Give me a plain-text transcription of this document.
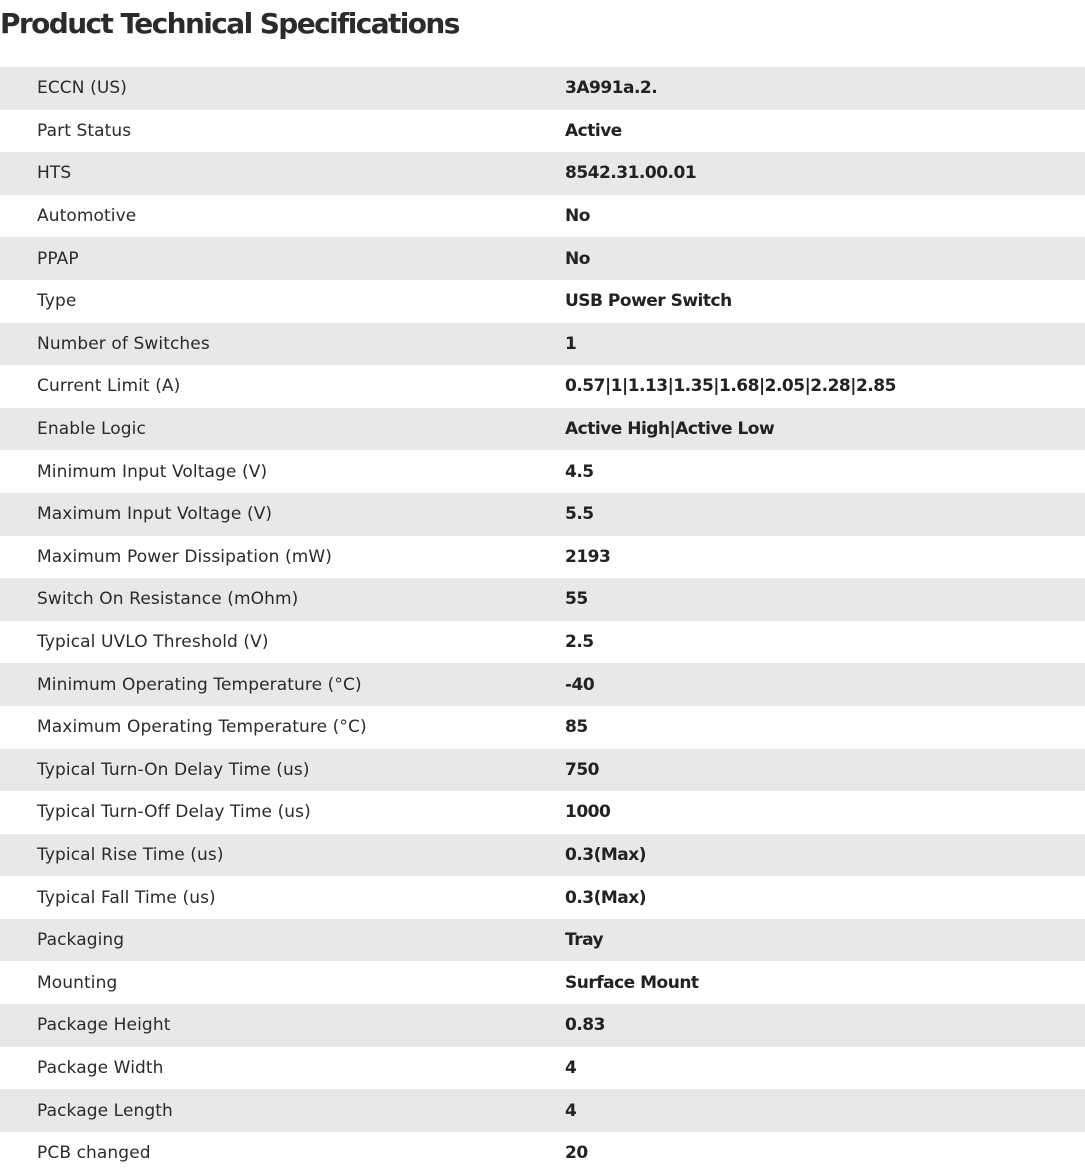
Product Technical Specifications
ECCN (US)	3A991a.2.
Part Status	Active
HTS	8542.31.00.01
Automotive	No
PPAP	No
Type	USB Power Switch
Number of Switches	1
Current Limit (A)	0.57|1|1.13|1.35|1.68|2.05|2.28|2.85
Enable Logic	Active High|Active Low
Minimum Input Voltage (V)	4.5
Maximum Input Voltage (V)	5.5
Maximum Power Dissipation (mW)	2193
Switch On Resistance (mOhm)	55
Typical UVLO Threshold (V)	2.5
Minimum Operating Temperature (°C)	-40
Maximum Operating Temperature (°C)	85
Typical Turn-On Delay Time (us)	750
Typical Turn-Off Delay Time (us)	1000
Typical Rise Time (us)	0.3(Max)
Typical Fall Time (us)	0.3(Max)
Packaging	Tray
Mounting	Surface Mount
Package Height	0.83
Package Width	4
Package Length	4
PCB changed	20
